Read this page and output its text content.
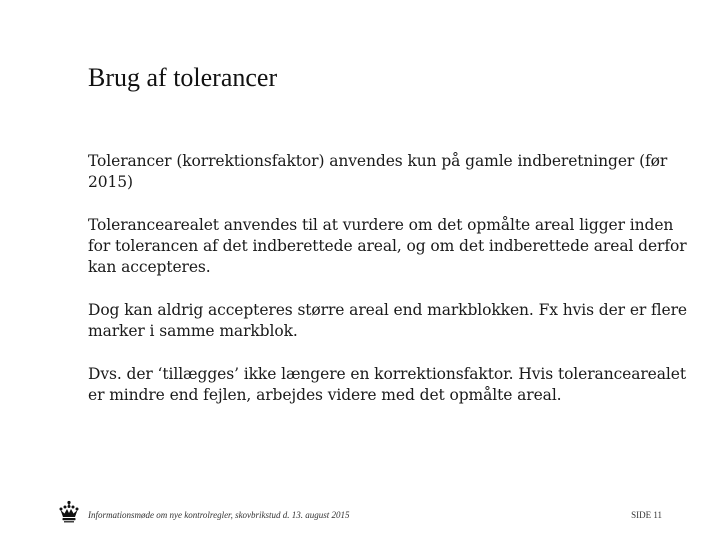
Brug af tolerancer

Tolerancer (korrektionsfaktor) anvendes kun på gamle indberetninger (før 2015)

Tolerancearealet anvendes til at vurdere om det opmålte areal ligger inden for tolerancen af det indberettede areal, og om det indberettede areal derfor kan accepteres.

Dog kan aldrig accepteres større areal end markblokken. Fx hvis der er flere marker i samme markblok.

Dvs. der ‘tillægges’ ikke længere en korrektionsfaktor. Hvis tolerancearealet er mindre end fejlen, arbejdes videre med det opmålte areal.

Informationsmøde om nye kontrolregler, skovbrikstud d. 13. august 2015	SIDE 11
